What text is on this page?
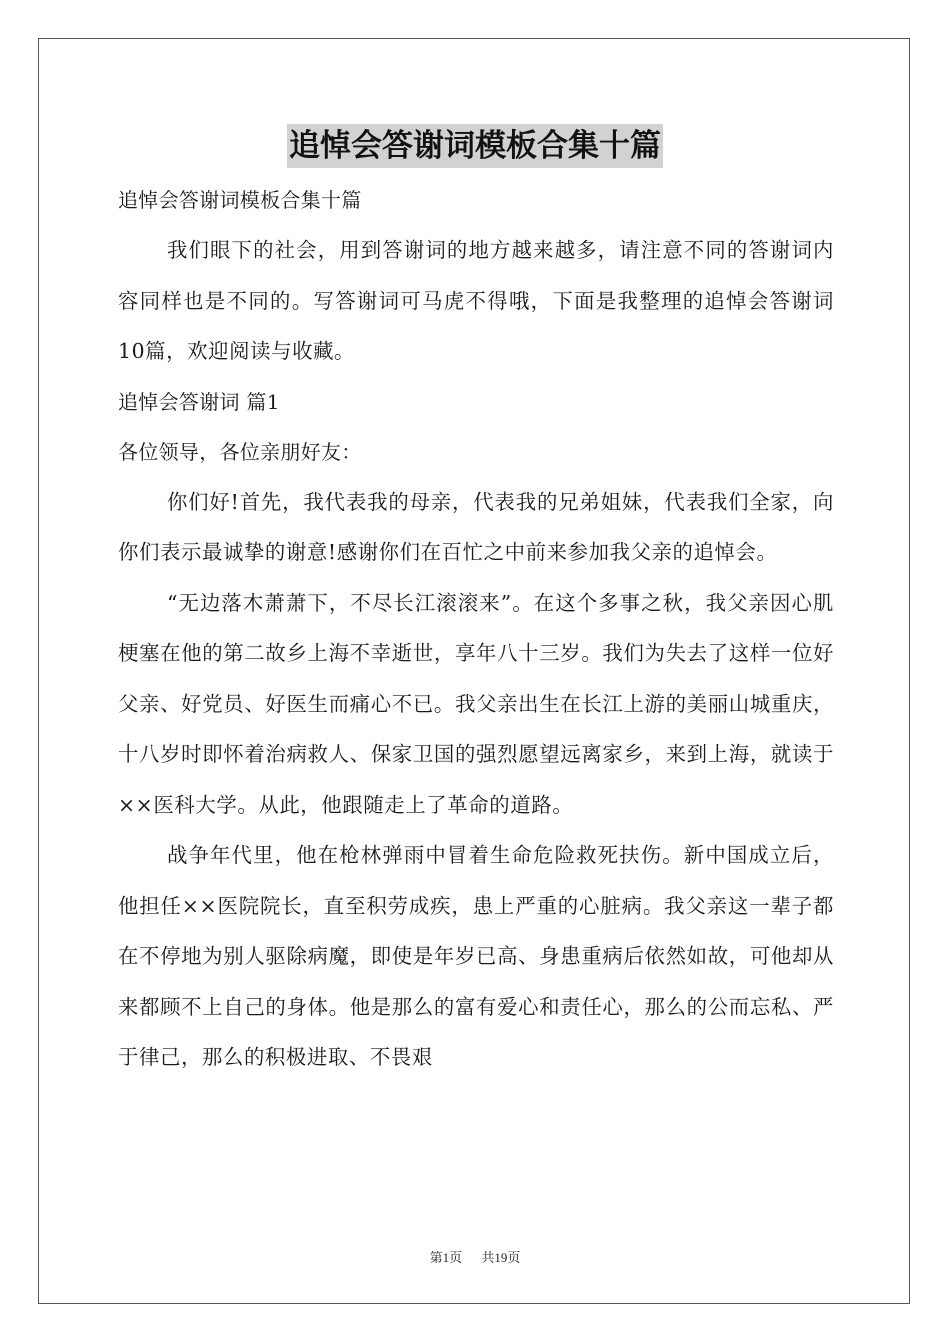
追悼会答谢词模板合集十篇
追悼会答谢词模板合集十篇
我们眼下的社会，用到答谢词的地方越来越多，请注意不同的答谢词内容同样也是不同的。写答谢词可马虎不得哦，下面是我整理的追悼会答谢词10篇，欢迎阅读与收藏。
追悼会答谢词 篇1
各位领导，各位亲朋好友：
你们好!首先，我代表我的母亲，代表我的兄弟姐妹，代表我们全家，向你们表示最诚挚的谢意!感谢你们在百忙之中前来参加我父亲的追悼会。
“无边落木萧萧下，不尽长江滚滚来”。在这个多事之秋，我父亲因心肌梗塞在他的第二故乡上海不幸逝世，享年八十三岁。我们为失去了这样一位好父亲、好党员、好医生而痛心不已。我父亲出生在长江上游的美丽山城重庆，十八岁时即怀着治病救人、保家卫国的强烈愿望远离家乡，来到上海，就读于××医科大学。从此，他跟随走上了革命的道路。
战争年代里，他在枪林弹雨中冒着生命危险救死扶伤。新中国成立后，他担任××医院院长，直至积劳成疾，患上严重的心脏病。我父亲这一辈子都在不停地为别人驱除病魔，即使是年岁已高、身患重病后依然如故，可他却从来都顾不上自己的身体。他是那么的富有爱心和责任心，那么的公而忘私、严于律己，那么的积极进取、不畏艰
第1页 共19页
